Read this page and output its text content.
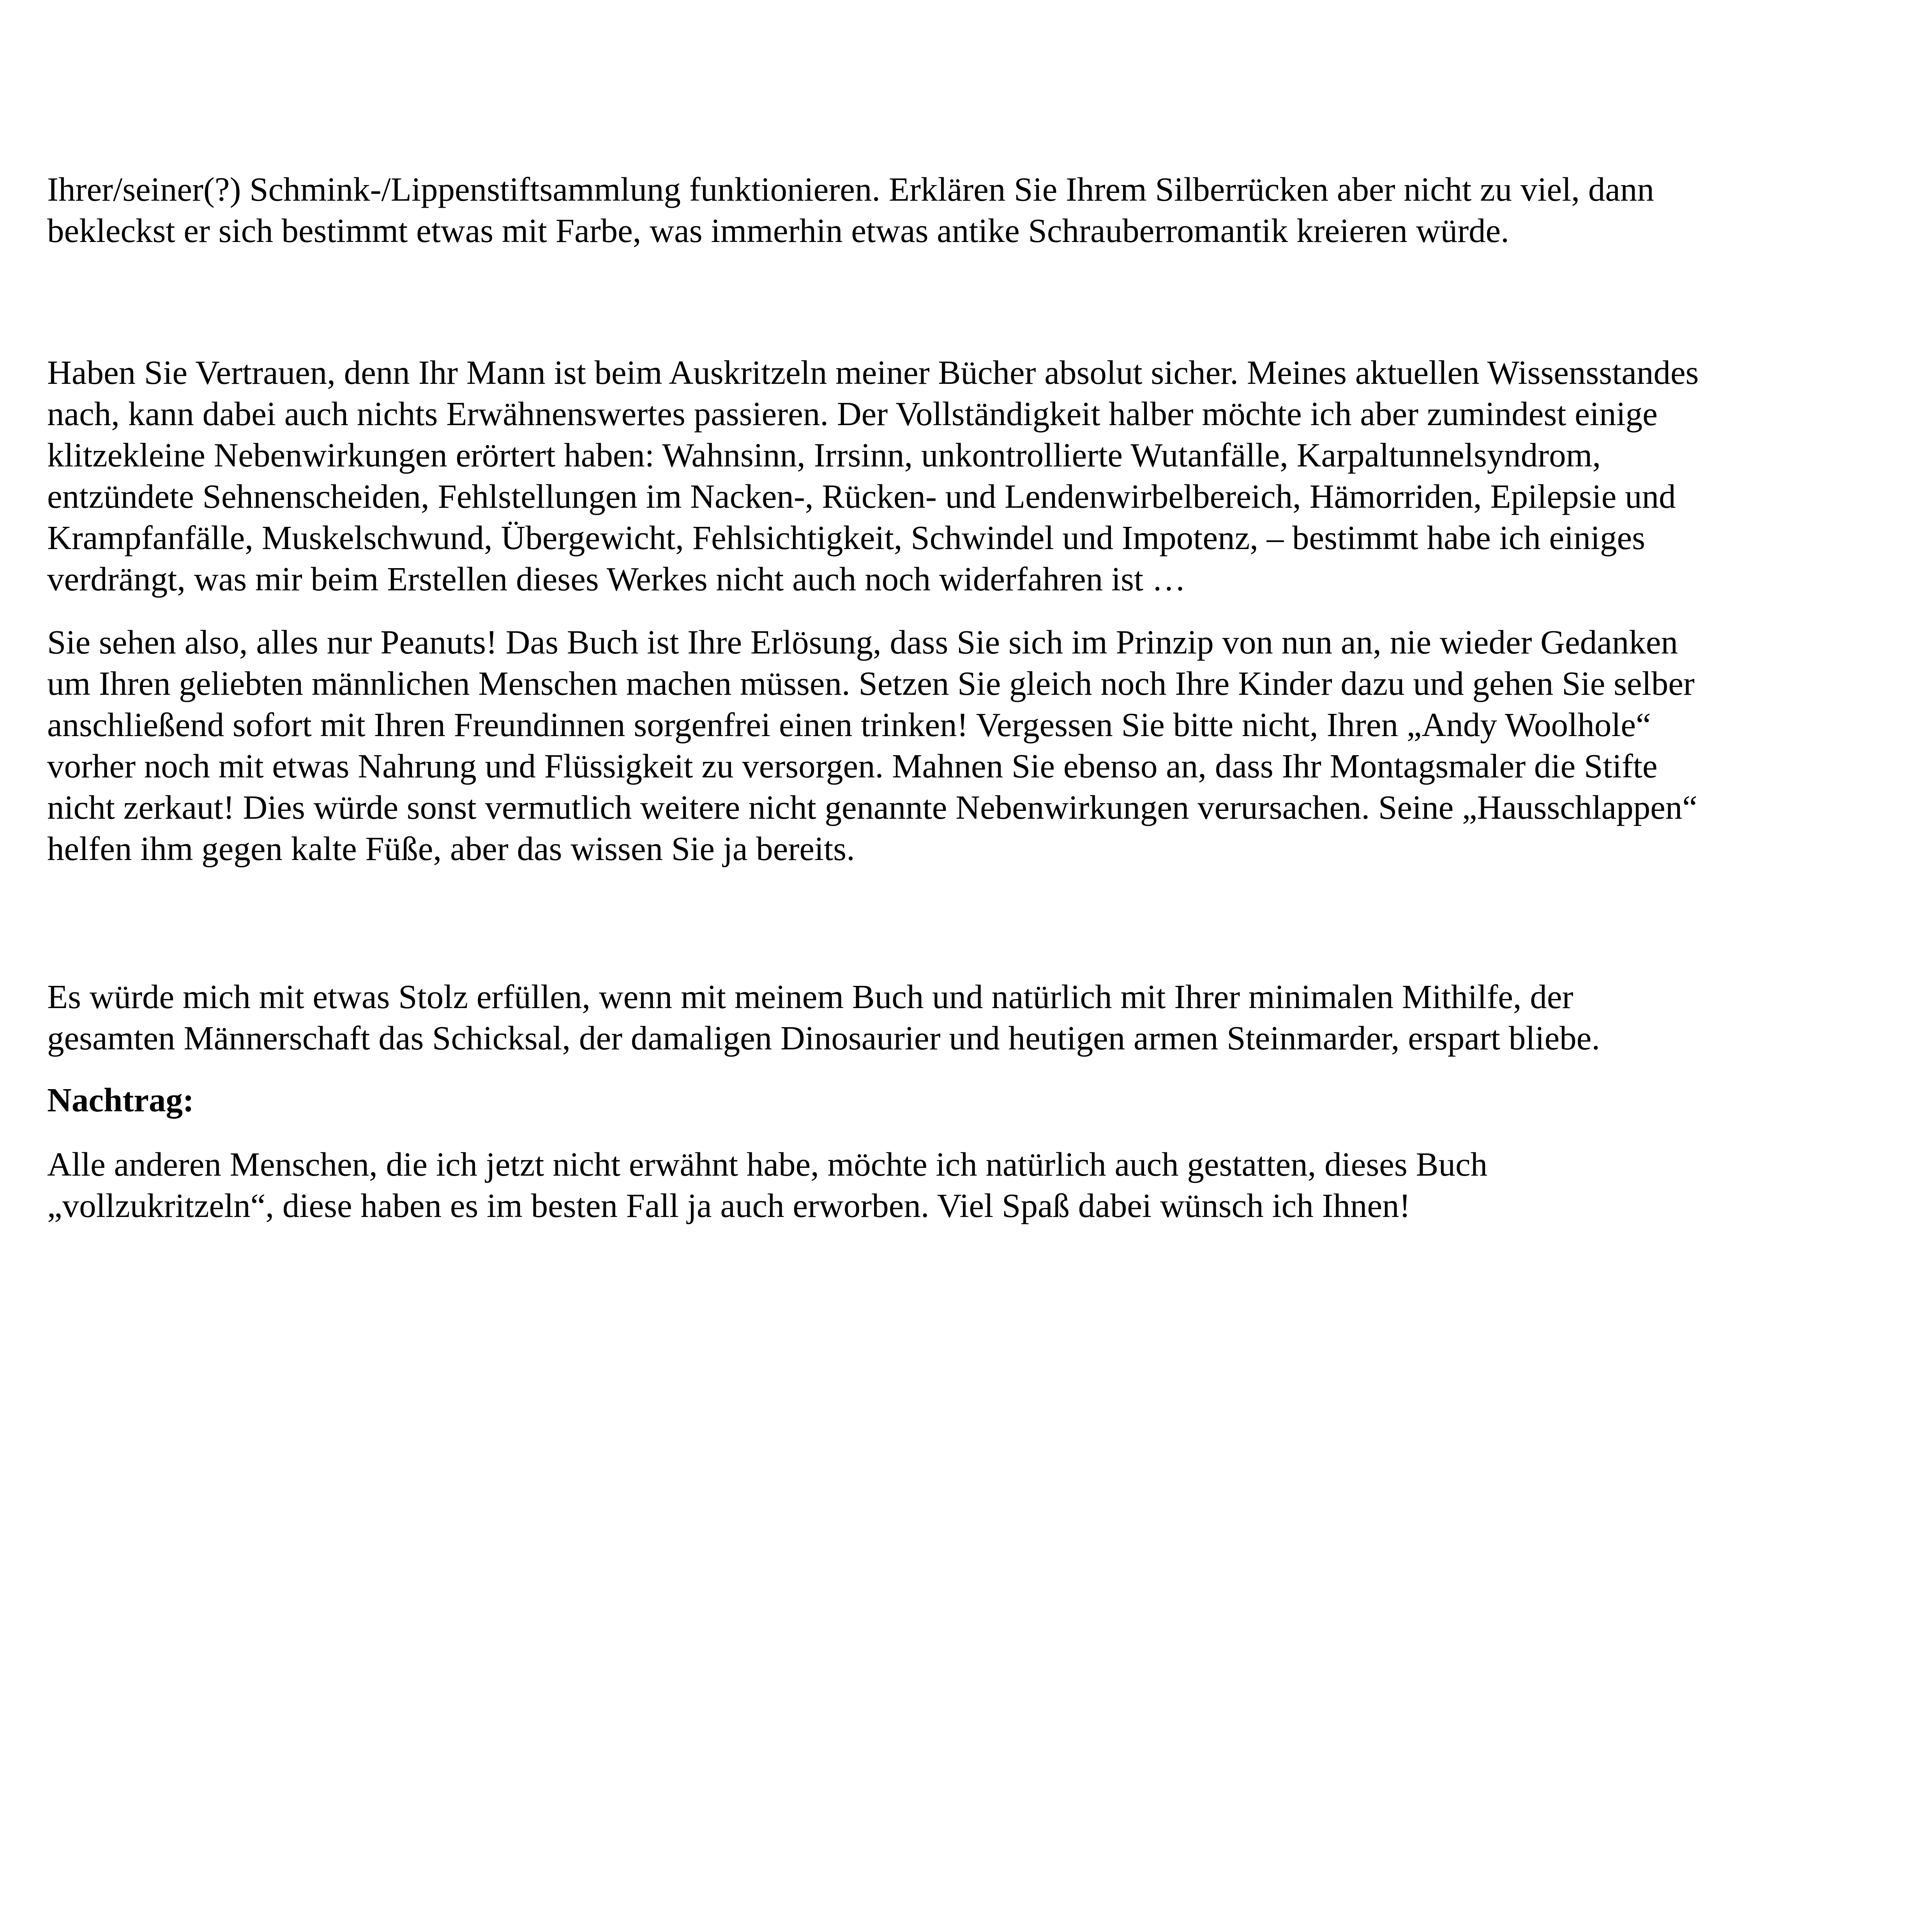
Ihrer/seiner(?) Schmink-/Lippenstiftsammlung funktionieren. Erklären Sie Ihrem Silberrücken aber nicht zu viel, dann
bekleckst er sich bestimmt etwas mit Farbe, was immerhin etwas antike Schrauberromantik kreieren würde.

Haben Sie Vertrauen, denn Ihr Mann ist beim Auskritzeln meiner Bücher absolut sicher. Meines aktuellen Wissensstandes
nach, kann dabei auch nichts Erwähnenswertes passieren. Der Vollständigkeit halber möchte ich aber zumindest einige
klitzekleine Nebenwirkungen erörtert haben: Wahnsinn, Irrsinn, unkontrollierte Wutanfälle, Karpaltunnelsyndrom,
entzündete Sehnenscheiden, Fehlstellungen im Nacken-, Rücken- und Lendenwirbelbereich, Hämorriden, Epilepsie und
Krampfanfälle, Muskelschwund, Übergewicht, Fehlsichtigkeit, Schwindel und Impotenz, – bestimmt habe ich einiges
verdrängt, was mir beim Erstellen dieses Werkes nicht auch noch widerfahren ist …

Sie sehen also, alles nur Peanuts! Das Buch ist Ihre Erlösung, dass Sie sich im Prinzip von nun an, nie wieder Gedanken
um Ihren geliebten männlichen Menschen machen müssen. Setzen Sie gleich noch Ihre Kinder dazu und gehen Sie selber
anschließend sofort mit Ihren Freundinnen sorgenfrei einen trinken! Vergessen Sie bitte nicht, Ihren „Andy Woolhole“
vorher noch mit etwas Nahrung und Flüssigkeit zu versorgen. Mahnen Sie ebenso an, dass Ihr Montagsmaler die Stifte
nicht zerkaut! Dies würde sonst vermutlich weitere nicht genannte Nebenwirkungen verursachen. Seine „Hausschlappen“
helfen ihm gegen kalte Füße, aber das wissen Sie ja bereits.

Es würde mich mit etwas Stolz erfüllen, wenn mit meinem Buch und natürlich mit Ihrer minimalen Mithilfe, der
gesamten Männerschaft das Schicksal, der damaligen Dinosaurier und heutigen armen Steinmarder, erspart bliebe.

Nachtrag:

Alle anderen Menschen, die ich jetzt nicht erwähnt habe, möchte ich natürlich auch gestatten, dieses Buch
„vollzukritzeln“, diese haben es im besten Fall ja auch erworben. Viel Spaß dabei wünsch ich Ihnen!
